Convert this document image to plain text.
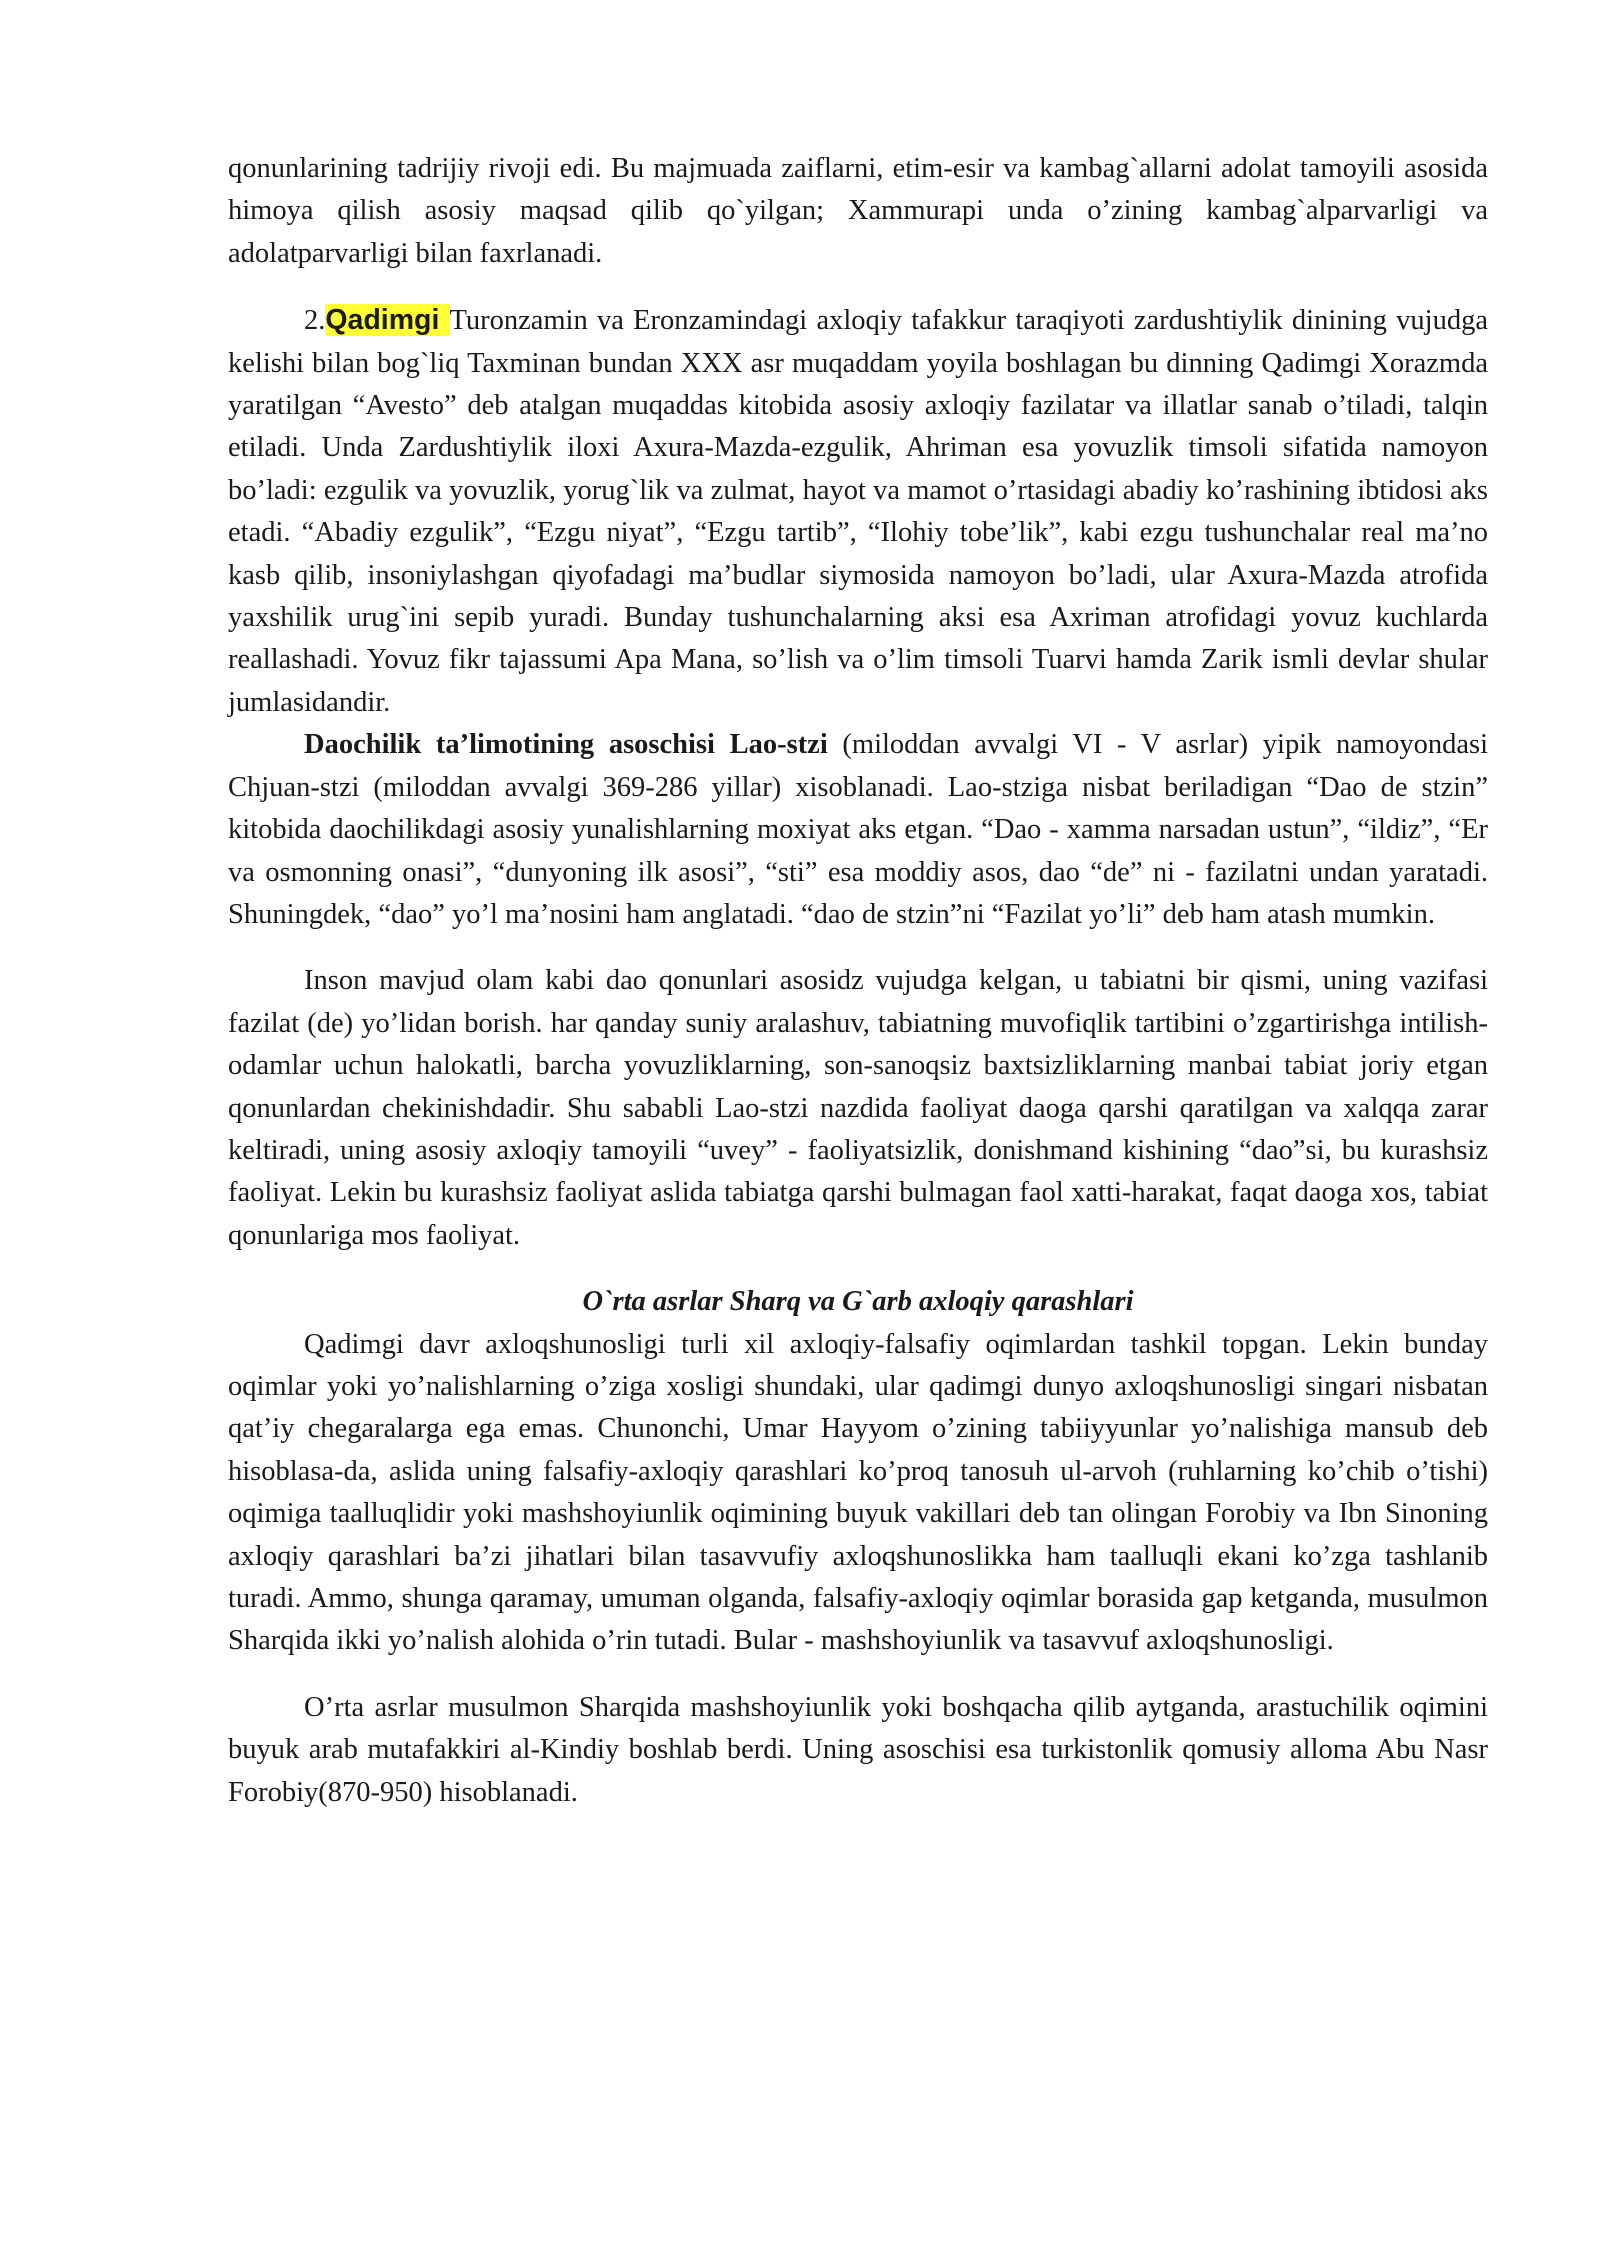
qonunlarining tadrijiy rivoji edi. Bu majmuada zaiflarni, etim-esir va kambag`allarni adolat tamoyili asosida himoya qilish asosiy maqsad qilib qo`yilgan; Xammurapi unda o’zining kambag`alparvarligi va adolatparvarligi bilan faxrlanadi.

2.Qadimgi Turonzamin va Eronzamindagi axloqiy tafakkur taraqiyoti zardushtiylik dinining vujudga kelishi bilan bog`liq Taxminan bundan XXX asr muqaddam yoyila boshlagan bu dinning Qadimgi Xorazmda yaratilgan “Avesto” deb atalgan muqaddas kitobida asosiy axloqiy fazilatar va illatlar sanab o’tiladi, talqin etiladi. Unda Zardushtiylik iloxi Axura-Mazda-ezgulik, Ahriman esa yovuzlik timsoli sifatida namoyon bo’ladi: ezgulik va yovuzlik, yorug`lik va zulmat, hayot va mamot o’rtasidagi abadiy ko’rashining ibtidosi aks etadi. “Abadiy ezgulik”, “Ezgu niyat”, “Ezgu tartib”, “Ilohiy tobe’lik”, kabi ezgu tushunchalar real ma’no kasb qilib, insoniylashgan qiyofadagi ma’budlar siymosida namoyon bo’ladi, ular Axura-Mazda atrofida yaxshilik urug`ini sepib yuradi. Bunday tushunchalarning aksi esa Axriman atrofidagi yovuz kuchlarda reallashadi. Yovuz fikr tajassumi Apa Mana, so’lish va o’lim timsoli Tuarvi hamda Zarik ismli devlar shular jumlasidandir.

Daochilik ta’limotining asoschisi Lao-stzi (miloddan avvalgi VI - V asrlar) yipik namoyondasi Chjuan-stzi (miloddan avvalgi 369-286 yillar) xisoblanadi. Lao-stziga nisbat beriladigan “Dao de stzin” kitobida daochilikdagi asosiy yunalishlarning moxiyat aks etgan. “Dao - xamma narsadan ustun”, “ildiz”, “Er va osmonning onasi”, “dunyoning ilk asosi”, “sti” esa moddiy asos, dao “de” ni - fazilatni undan yaratadi. Shuningdek, “dao” yo’l ma’nosini ham anglatadi. “dao de stzin”ni “Fazilat yo’li” deb ham atash mumkin.

Inson mavjud olam kabi dao qonunlari asosidz vujudga kelgan, u tabiatni bir qismi, uning vazifasi fazilat (de) yo’lidan borish. har qanday suniy aralashuv, tabiatning muvofiqlik tartibini o’zgartirishga intilish-odamlar uchun halokatli, barcha yovuzliklarning, son-sanoqsiz baxtsizliklarning manbai tabiat joriy etgan qonunlardan chekinishdadir. Shu sababli Lao-stzi nazdida faoliyat daoga qarshi qaratilgan va xalqqa zarar keltiradi, uning asosiy axloqiy tamoyili “uvey” - faoliyatsizlik, donishmand kishining “dao”si, bu kurashsiz faoliyat. Lekin bu kurashsiz faoliyat aslida tabiatga qarshi bulmagan faol xatti-harakat, faqat daoga xos, tabiat qonunlariga mos faoliyat.

O`rta asrlar Sharq va G`arb axloqiy qarashlari

Qadimgi davr axloqshunosligi turli xil axloqiy-falsafiy oqimlardan tashkil topgan. Lekin bunday oqimlar yoki yo’nalishlarning o’ziga xosligi shundaki, ular qadimgi dunyo axloqshunosligi singari nisbatan qat’iy chegaralarga ega emas. Chunonchi, Umar Hayyom o’zining tabiiyyunlar yo’nalishiga mansub deb hisoblasa-da, aslida uning falsafiy-axloqiy qarashlari ko’proq tanosuh ul-arvoh (ruhlarning ko’chib o’tishi) oqimiga taalluqlidir yoki mashshoyiunlik oqimining buyuk vakillari deb tan olingan Forobiy va Ibn Sinoning axloqiy qarashlari ba’zi jihatlari bilan tasavvufiy axloqshunoslikka ham taalluqli ekani ko’zga tashlanib turadi. Ammo, shunga qaramay, umuman olganda, falsafiy-axloqiy oqimlar borasida gap ketganda, musulmon Sharqida ikki yo’nalish alohida o’rin tutadi. Bular - mashshoyiunlik va tasavvuf axloqshunosligi.

O’rta asrlar musulmon Sharqida mashshoyiunlik yoki boshqacha qilib aytganda, arastuchilik oqimini buyuk arab mutafakkiri al-Kindiy boshlab berdi. Uning asoschisi esa turkistonlik qomusiy alloma Abu Nasr Forobiy(870-950) hisoblanadi.
